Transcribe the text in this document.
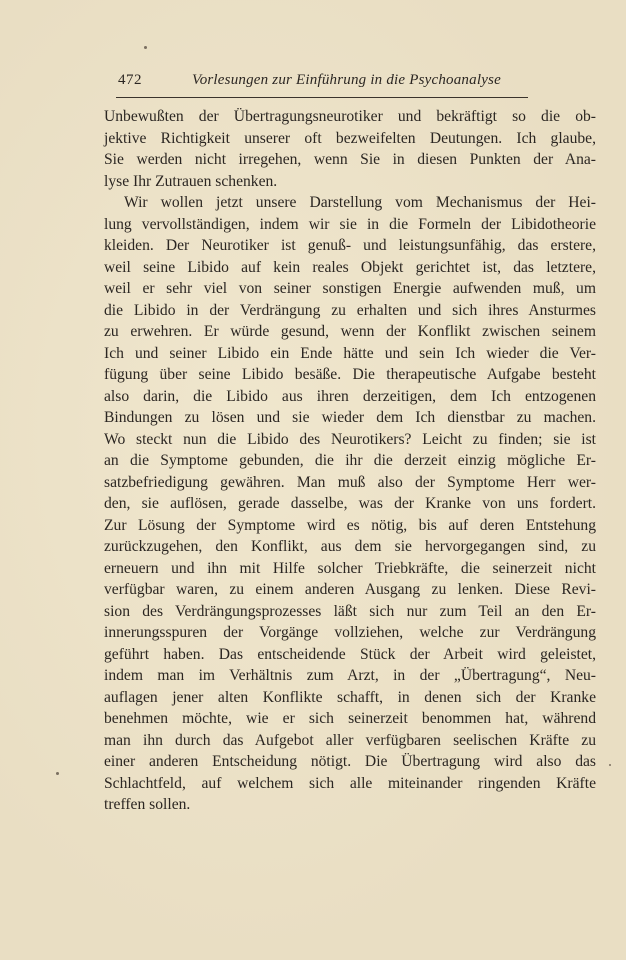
472	Vorlesungen zur Einführung in die Psychoanalyse
Unbewußten der Übertragungsneurotiker und bekräftigt so die ob-
jektive Richtigkeit unserer oft bezweifelten Deutungen. Ich glaube,
Sie werden nicht irregehen, wenn Sie in diesen Punkten der Ana-
lyse Ihr Zutrauen schenken.
Wir wollen jetzt unsere Darstellung vom Mechanismus der Hei-
lung vervollständigen, indem wir sie in die Formeln der Libidotheorie
kleiden. Der Neurotiker ist genuß- und leistungsunfähig, das erstere,
weil seine Libido auf kein reales Objekt gerichtet ist, das letztere,
weil er sehr viel von seiner sonstigen Energie aufwenden muß, um
die Libido in der Verdrängung zu erhalten und sich ihres Ansturmes
zu erwehren. Er würde gesund, wenn der Konflikt zwischen seinem
Ich und seiner Libido ein Ende hätte und sein Ich wieder die Ver-
fügung über seine Libido besäße. Die therapeutische Aufgabe besteht
also darin, die Libido aus ihren derzeitigen, dem Ich entzogenen
Bindungen zu lösen und sie wieder dem Ich dienstbar zu machen.
Wo steckt nun die Libido des Neurotikers? Leicht zu finden; sie ist
an die Symptome gebunden, die ihr die derzeit einzig mögliche Er-
satzbefriedigung gewähren. Man muß also der Symptome Herr wer-
den, sie auflösen, gerade dasselbe, was der Kranke von uns fordert.
Zur Lösung der Symptome wird es nötig, bis auf deren Entstehung
zurückzugehen, den Konflikt, aus dem sie hervorgegangen sind, zu
erneuern und ihn mit Hilfe solcher Triebkräfte, die seinerzeit nicht
verfügbar waren, zu einem anderen Ausgang zu lenken. Diese Revi-
sion des Verdrängungsprozesses läßt sich nur zum Teil an den Er-
innerungsspuren der Vorgänge vollziehen, welche zur Verdrängung
geführt haben. Das entscheidende Stück der Arbeit wird geleistet,
indem man im Verhältnis zum Arzt, in der „Übertragung“, Neu-
auflagen jener alten Konflikte schafft, in denen sich der Kranke
benehmen möchte, wie er sich seinerzeit benommen hat, während
man ihn durch das Aufgebot aller verfügbaren seelischen Kräfte zu
einer anderen Entscheidung nötigt. Die Übertragung wird also das
Schlachtfeld, auf welchem sich alle miteinander ringenden Kräfte
treffen sollen.
